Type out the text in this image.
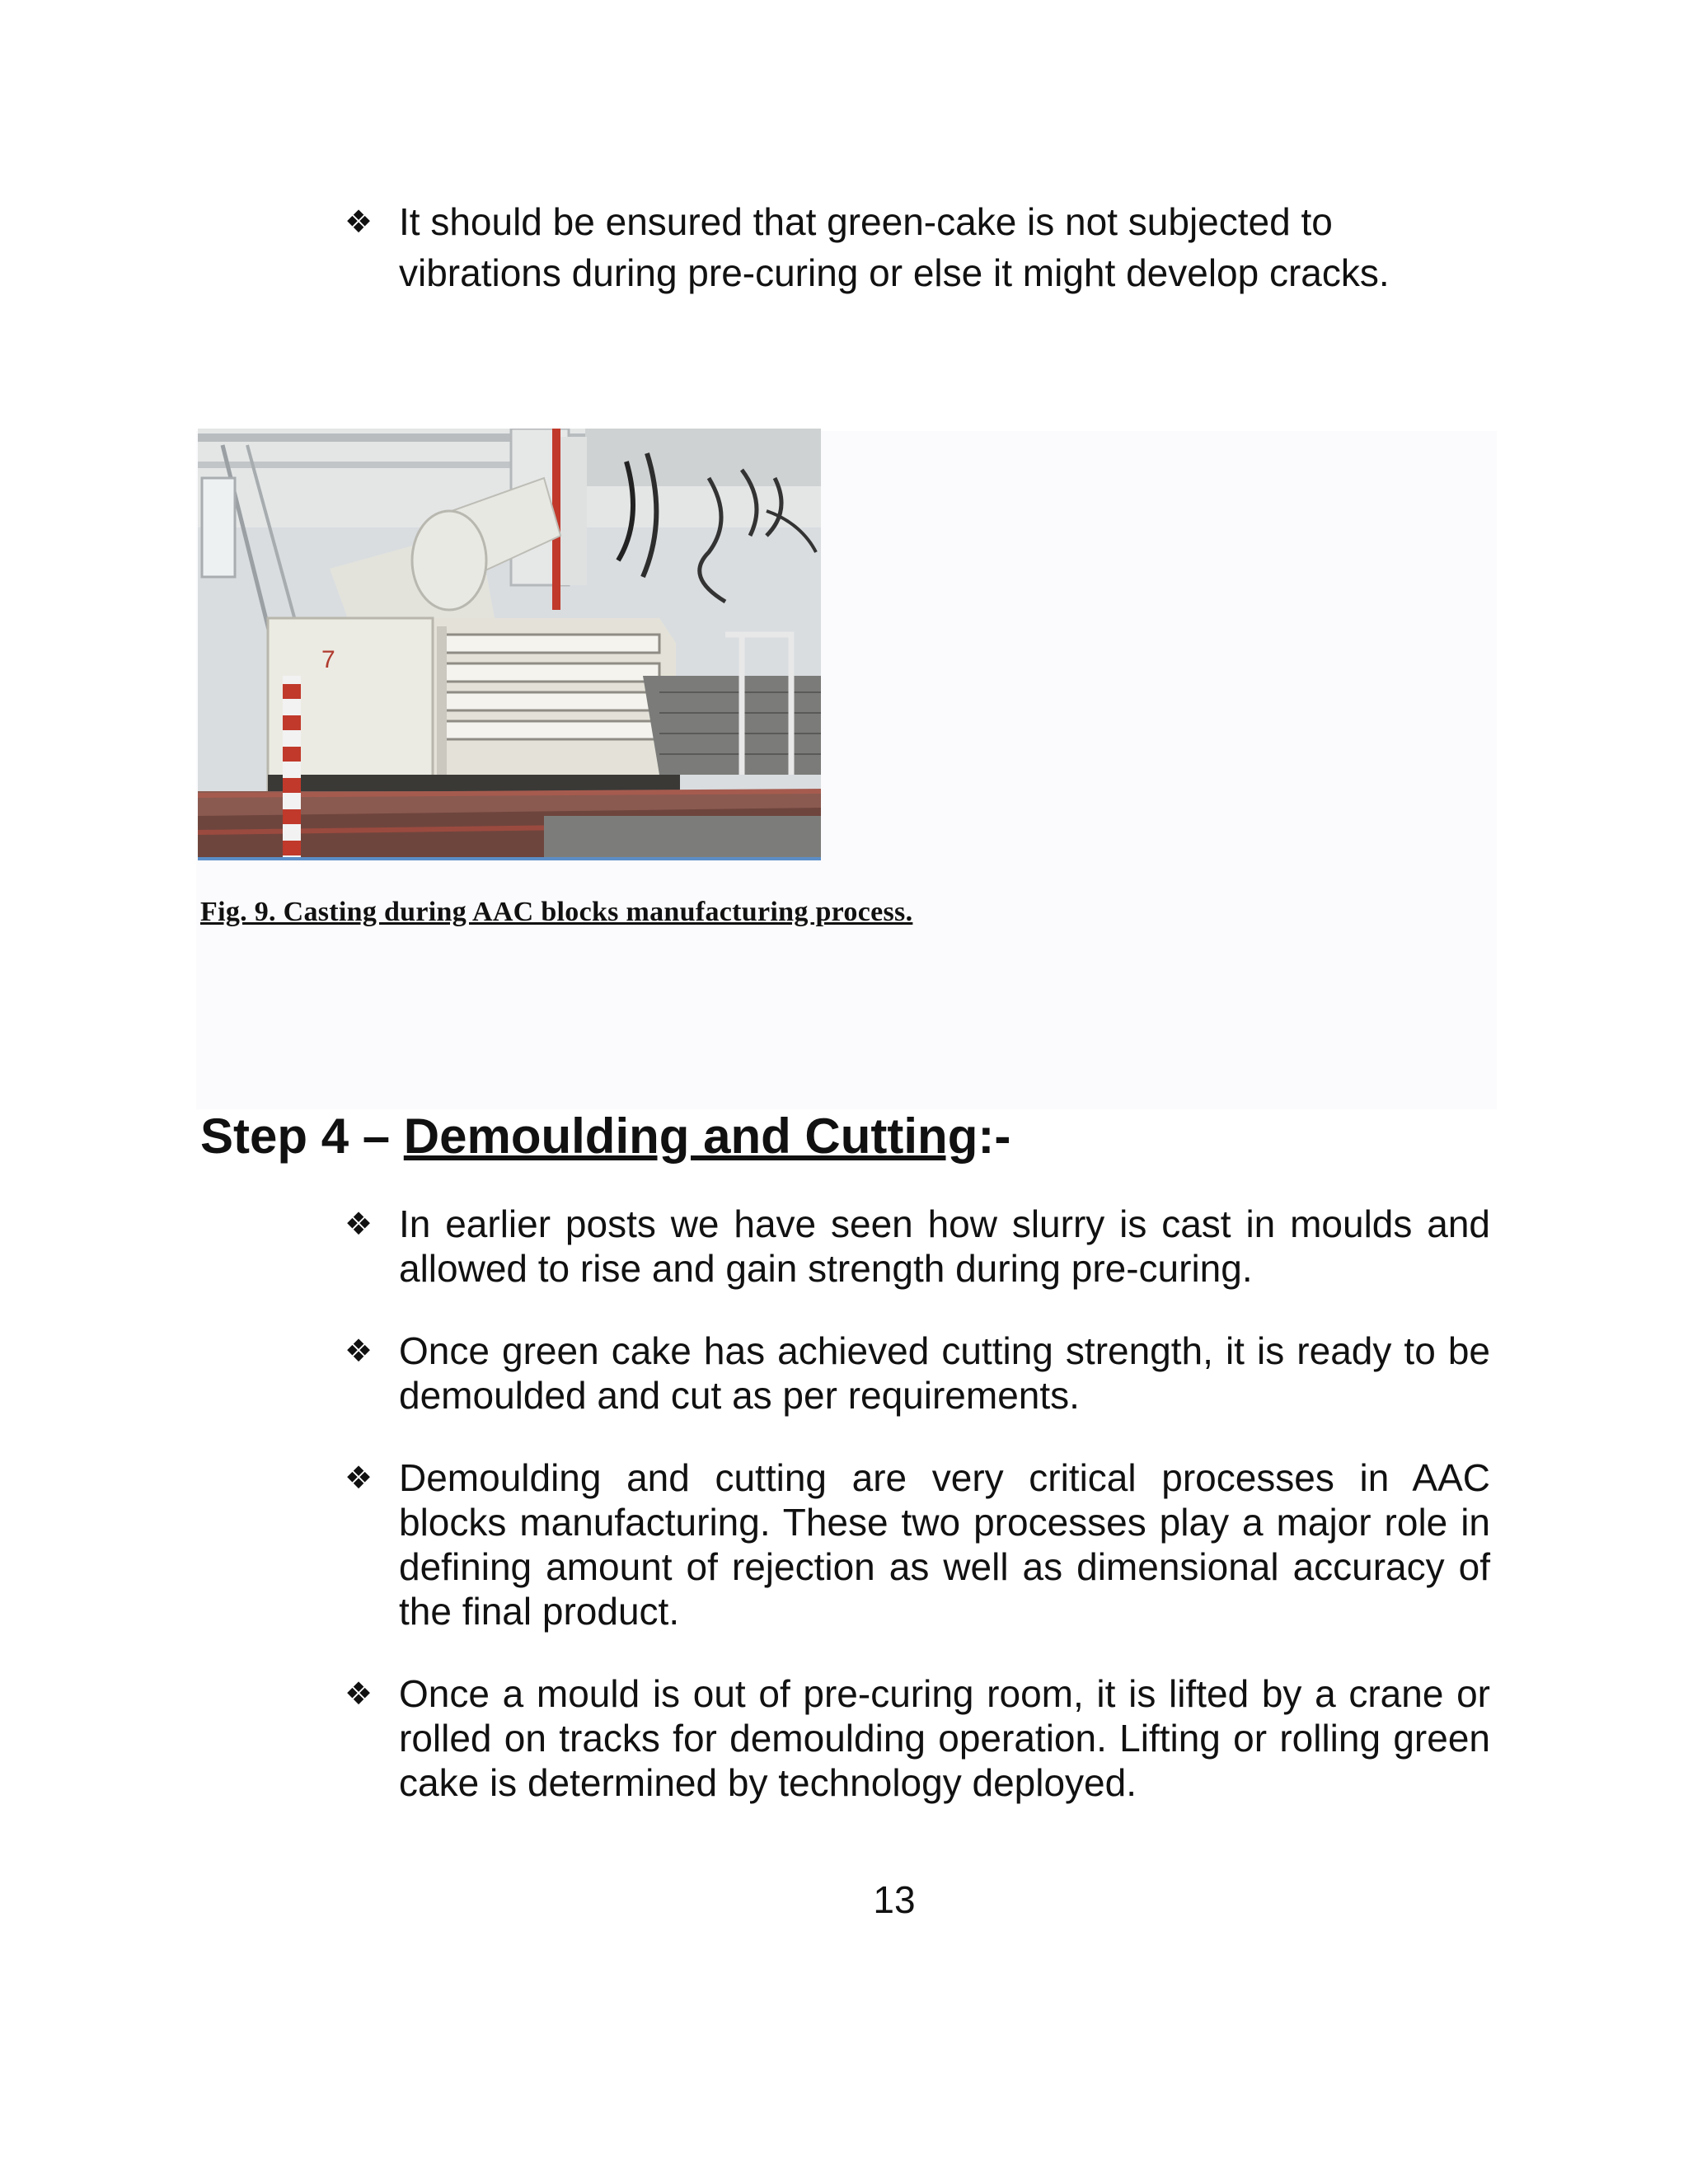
❖ It should be ensured that green-cake is not subjected to vibrations during pre-curing or else it might develop cracks.
7
Fig. 9. Casting during AAC blocks manufacturing process.
Step 4 – Demoulding and Cutting:-
❖ In earlier posts we have seen how slurry is cast in moulds and allowed to rise and gain strength during pre-curing.
❖ Once green cake has achieved cutting strength, it is ready to be demoulded and cut as per requirements.
❖ Demoulding and cutting are very critical processes in AAC blocks manufacturing. These two processes play a major role in defining amount of rejection as well as dimensional accuracy of the final product.
❖ Once a mould is out of pre-curing room, it is lifted by a crane or rolled on tracks for demoulding operation. Lifting or rolling green cake is determined by technology deployed.
13
